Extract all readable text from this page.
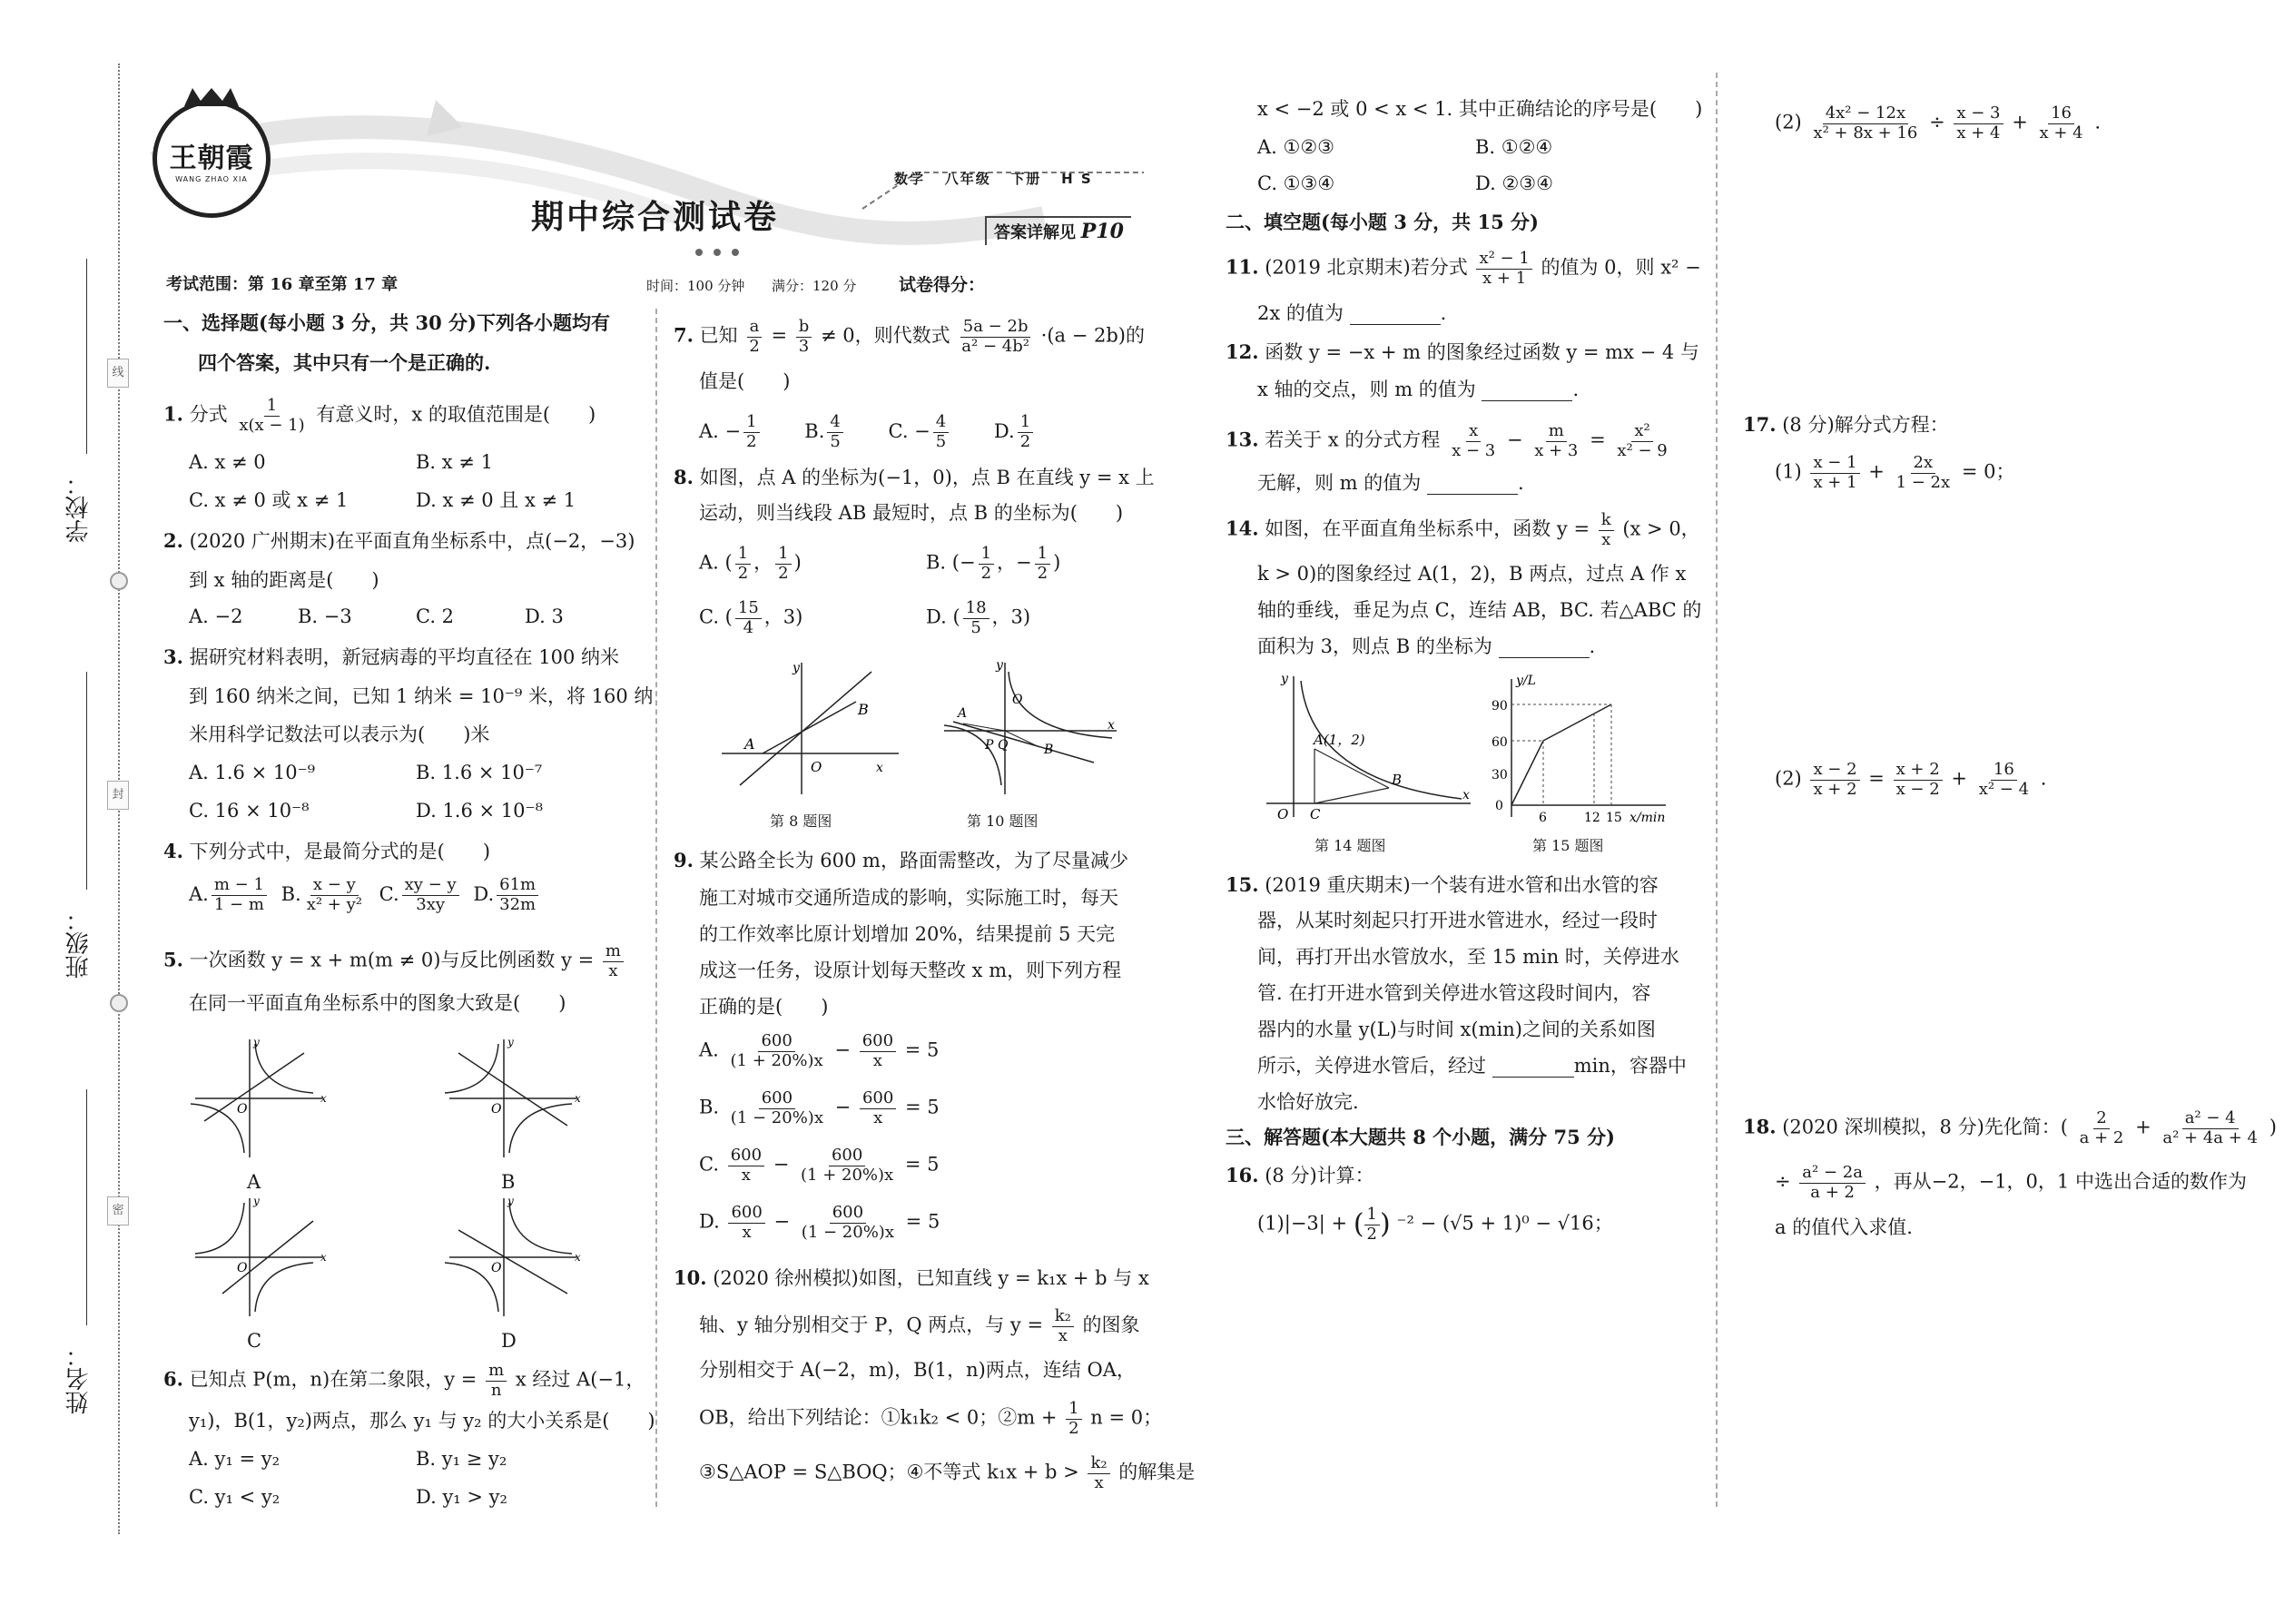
学校：
班级：
姓名：
线
封
密
王朝霞
WANG ZHAO XIA	数学 八年级 下册 H S
期中综合测试卷	答案详解见 P10
考试范围：第 16 章至第 17 章	时间：100 分钟 满分：120 分 试卷得分：
一、选择题(每小题 3 分，共 30 分)下列各小题均有
四个答案，其中只有一个是正确的.
1. 分式 $\frac{1}{x(x - 1)}$ 有意义时，x 的取值范围是(　　)
A. x ≠ 0	B. x ≠ 1
C. x ≠ 0 或 x ≠ 1	D. x ≠ 0 且 x ≠ 1
2. (2020 广州期末)在平面直角坐标系中，点(−2，−3)
到 x 轴的距离是(　　)
A. −2	B. −3	C. 2	D. 3
3. 据研究材料表明，新冠病毒的平均直径在 100 纳米
到 160 纳米之间，已知 1 纳米 = 10⁻⁹ 米，将 160 纳
米用科学记数法可以表示为(　　)米
A. 1.6 × 10⁻⁹	B. 1.6 × 10⁻⁷
C. 16 × 10⁻⁸	D. 1.6 × 10⁻⁸
4. 下列分式中，是最简分式的是(　　)
A. $\frac{m - 1}{1 - m} B$. $\frac{x - y}{\text{x² + y²}} C$. $\frac{xy - y}{3xy} D$. $\frac{61m}{32m}$
5. 一次函数 y = x + m(m ≠ 0)与反比例函数 $y = \frac{m}{x}$
在同一平面直角坐标系中的图象大致是(　　)
O
y
x
A
O
y
x
B
O
y
x
C
O
y
x
D
6. 已知点 P(m，n)在第二象限，$y = \frac{m}{n}$ x 经过 A(−1，
y₁)，B(1，y₂)两点，那么 y₁ 与 y₂ 的大小关系是(　　)
A. y₁ = y₂	B. y₁ ≥ y₂
C. y₁ < y₂	D. y₁ > y₂
7. 已知 $\frac{a}{2} = \frac{b}{3} \ne 0$，则代数式 $\frac{5a - 2b}{\text{a² − 4b²}} \cdot(a - 2b)$的
值是(　　)
A. − $\frac{1}{2} B$. $\frac{4}{5} C$. − $\frac{4}{5} D$. $\frac{1}{2}$
8. 如图，点 A 的坐标为(−1，0)，点 B 在直线 y = x 上
运动，则当线段 AB 最短时，点 B 的坐标为(　　)
A. ( $\frac{1}{2}$ ， $\frac{1}{2}$ )	B. (− $\frac{1}{2}$ ，− $\frac{1}{2}$ )
C. ( $\frac{15}{4}$ ，3)	D. ( $\frac{18}{5}$ ，3)
A
B
O
y
x
第 8 题图
A
O
P Q	B
y
x
第 10 题图
9. 某公路全长为 600 m，路面需整改，为了尽量减少
施工对城市交通所造成的影响，实际施工时，每天
的工作效率比原计划增加 20%，结果提前 5 天完
成这一任务，设原计划每天整改 x m，则下列方程
正确的是(　　)
A. $\frac{600}{(1 + 20\%)x} - \frac{600}{x} = 5$
B. $\frac{600}{(1 - 20\%)x} - \frac{600}{x} = 5$
C. $\frac{600}{x} - \frac{600}{(1 + 20\%)x} = 5$
D. $\frac{600}{x} - \frac{600}{(1 - 20\%)x} = 5$
10. (2020 徐州模拟)如图，已知直线 y = k₁x + b 与 x
轴、y 轴分别相交于 P，Q 两点，与 $y = \frac{\text{k₂}}{x}$ 的图象
分别相交于 A(−2，m)，B(1，n)两点，连结 OA，
OB，给出下列结论：①k₁k₂ < 0；②m + $\frac{1}{2}$ n = 0；
③S△AOP = S△BOQ；④不等式 $k_1x + b > \frac{\text{k₂}}{x}$ 的解集是
x < −2 或 0 < x < 1. 其中正确结论的序号是(　　)
A. ①②③	B. ①②④
C. ①③④	D. ②③④
二、填空题(每小题 3 分，共 15 分)
11. (2019 北京期末)若分式 $\frac{\text{x² − 1}}{x + 1}$ 的值为 0，则 x² −
2x 的值为	.
12. 函数 y = −x + m 的图象经过函数 y = mx − 4 与
x 轴的交点，则 m 的值为	.
13. 若关于 x 的分式方程 $\frac{x}{x - 3} - \frac{m}{x + 3} = \frac{\text{x²}}{\text{x² − 9}}$
无解，则 m 的值为	.
14. 如图，在平面直角坐标系中，函数 $y = \frac{k}{x} (x > 0$，
k > 0)的图象经过 A(1，2)，B 两点，过点 A 作 x
轴的垂线，垂足为点 C，连结 AB，BC. 若△ABC 的
面积为 3，则点 B 的坐标为	.
A(1，2)
B
C
O
y
x
第 14 题图
y/L
90
60
30
0
6	12 15 x/min
第 15 题图
15. (2019 重庆期末)一个装有进水管和出水管的容
器，从某时刻起只打开进水管进水，经过一段时
间，再打开出水管放水，至 15 min 时，关停进水
管. 在打开进水管到关停进水管这段时间内，容
器内的水量 y(L)与时间 x(min)之间的关系如图
所示，关停进水管后，经过	min，容器中
水恰好放完.
三、解答题(本大题共 8 个小题，满分 75 分)
16. (8 分)计算：
(1)|−3| + ( $\frac{1}{2}$ ) ⁻² − (√5 + 1)⁰ − √16；
$(2) \frac{\text{4x² − 12x}}{\text{x² + 8x + 16}} \div \frac{x - 3}{x + 4} + \frac{16}{x + 4}$ .
17. (8 分)解分式方程：
$(1) \frac{x - 1}{x + 1} + \frac{2x}{1 - 2x} = 0$；
$(2) \frac{x - 2}{x + 2} = \frac{x + 2}{x - 2} + \frac{16}{\text{x² − 4}}$ .
18. (2020 深圳模拟，8 分)先化简：( $\frac{2}{a + 2} + \frac{\text{a² − 4}}{\text{a² + 4a + 4}}$ )
÷ $\frac{\text{a² − 2a}}{a + 2}$ ，再从−2，−1，0，1 中选出合适的数作为
a 的值代入求值.
